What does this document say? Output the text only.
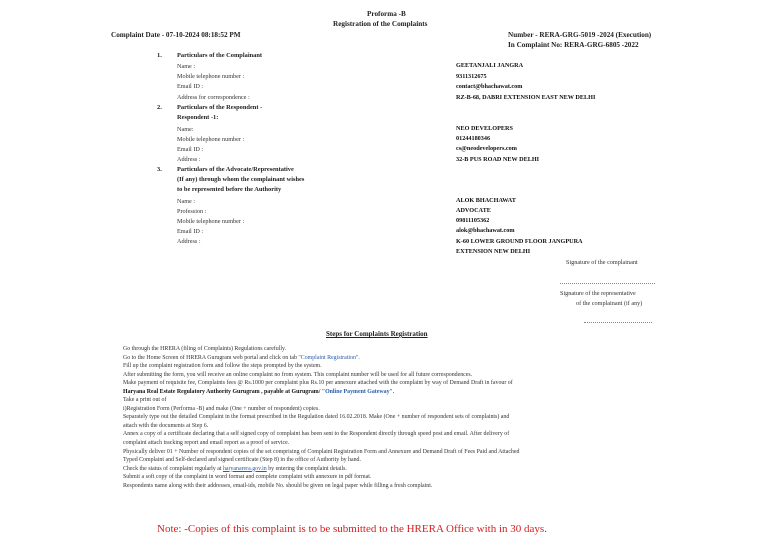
Proforma -B
Registration of the Complaints
Complaint Date - 07-10-2024 08:18:52 PM	Number - RERA-GRG-5019 -2024 (Execution)
In Complaint No: RERA-GRG-6805 -2022
1. Particulars of the Complainant
Name :
Mobile telephone number :
Email ID :
Address for correspondence :
GEETANJALI JANGRA
9311312675
contact@bhachawat.com
RZ-B-68, DABRI EXTENSION EAST NEW DELHI
2. Particulars of the Respondent -
Respondent -1:
Name:
Mobile telephone number :
Email ID :
Address :
NEO DEVELOPERS
01244180346
cs@neodevelopers.com
32-B PUS ROAD NEW DELHI
3. Particulars of the Advocate/Representative
(If any) through whom the complainant wishes
to be represented before the Authority
Name :
Profession :
Mobile telephone number :
Email ID :
Address :
ALOK BHACHAWAT
ADVOCATE
09811105362
alok@bhachawat.com
K-60 LOWER GROUND FLOOR JANGPURA
EXTENSION NEW DELHI
Signature of the complainant
Signature of the representative
of the complainant (if any)
Steps for Complaints Registration

Go through the HRERA (filing of Complaints) Regulations carefully.

Go to the Home Screen of HRERA Gurugram web portal and click on tab "Complaint Registration".

Fill up the complaint registration form and follow the steps prompted by the system.

After submitting the form, you will receive an online complaint no from system. This complaint number will be used for all future correspondences.

Make payment of requisite fee, Complaints fees @ Rs.1000 per complaint plus Rs.10 per annexure attached with the complaint by way of Demand Draft in favour of

Haryana Real Estate Regulatory Authority Gurugram , payable at Gurugram/ "Online Payment Gateway".

Take a print out of

i)Registration Form (Performa -B) and make (One + number of respondent) copies.

Separately type out the detailed Complaint in the format prescribed in the Regulation dated 16.02.2018. Make (One + number of respondent sets of complaints) and

attach with the documents at Step 6.

Annex a copy of a certificate declaring that a self signed copy of complaint has been sent to the Respondent directly through speed post and email. After delivery of

complaint attach tracking report and email report as a proof of service.

Physically deliver 01 + Number of respondent copies of the set comprising of Complaint Registration Form and Annexure and Demand Draft of Fees Paid and Attached

Typed Complaint and Self-declared and signed certificate (Step 8) in the office of Authority by hand.

Check the status of complaint regularly at haryanarera.gov.in by entering the complaint details.

Submit a soft copy of the complaint in word format and complete complaint with annexure in pdf format.

Respondents name along with their addresses, email-ids, mobile No. should be given on legal paper while filling a fresh complaint.

Note: -Copies of this complaint is to be submitted to the HRERA Office with in 30 days.
